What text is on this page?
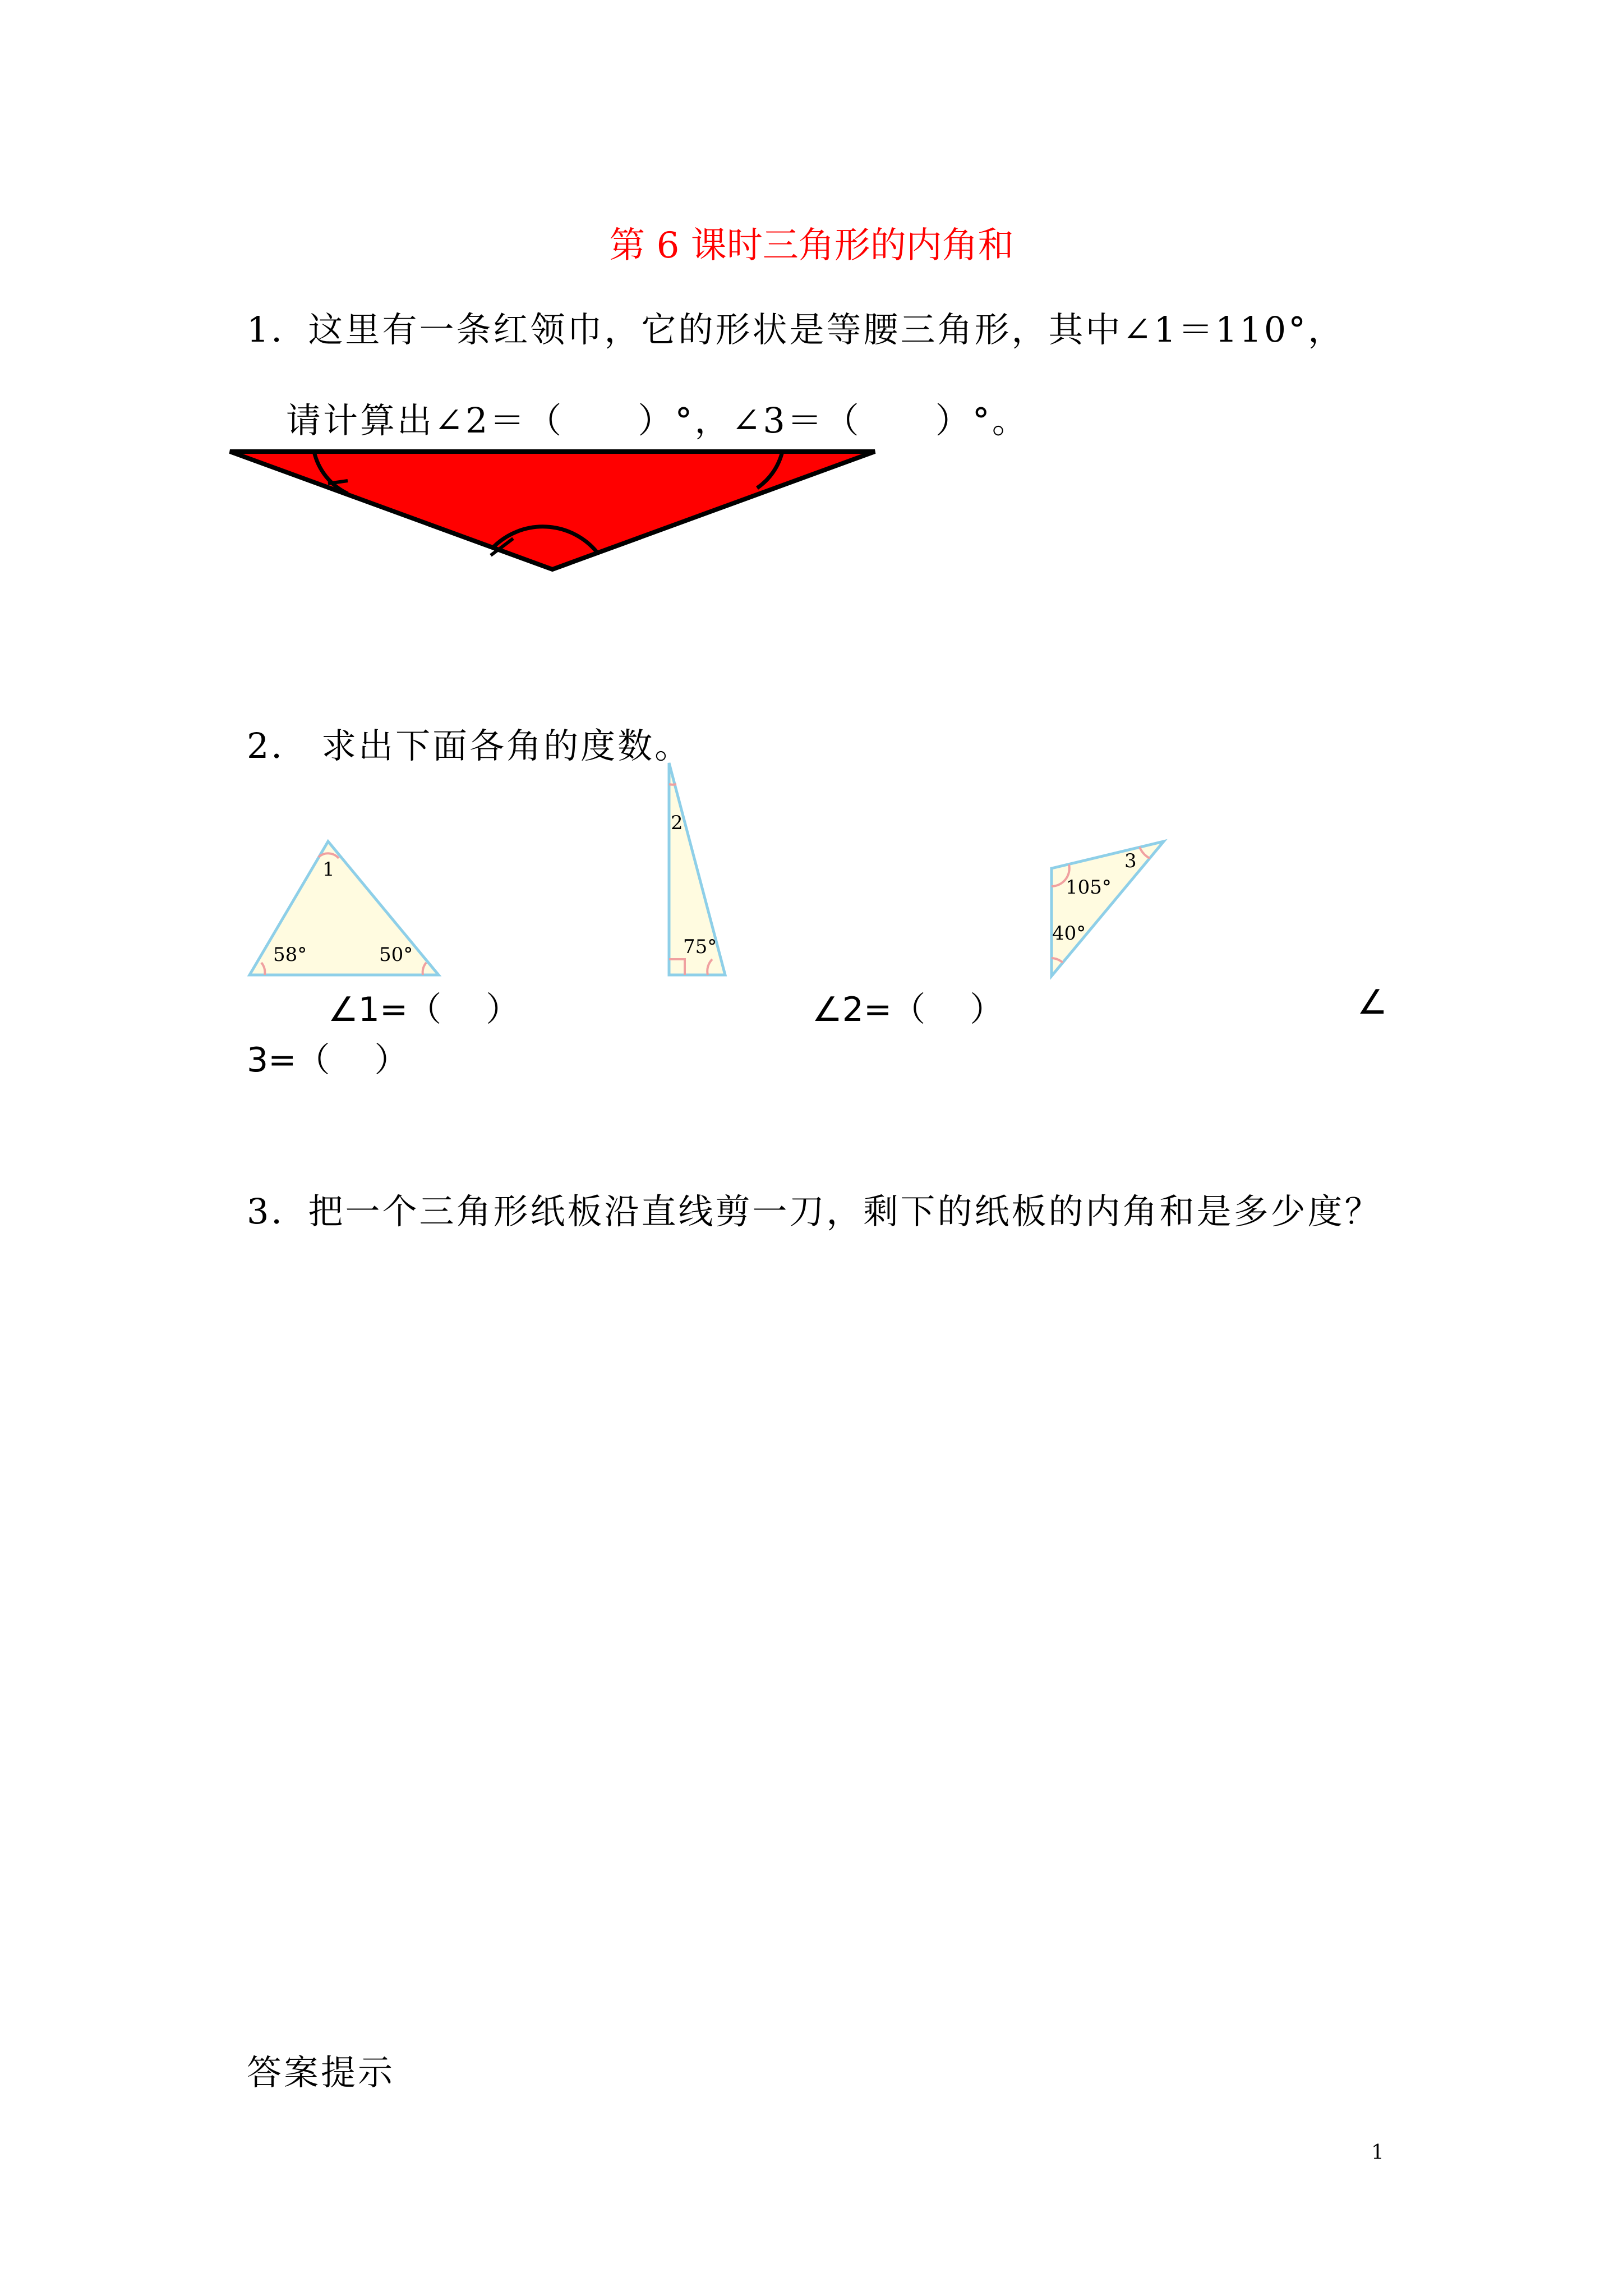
第 6 课时三角形的内角和
1．这里有一条红领巾，它的形状是等腰三角形，其中∠1＝110°，
请计算出∠2＝（　　）°，∠3＝（　　）°。
2． 求出下面各角的度数。
1
58°	50°
2
75°
3
105°
40°
∠1=（　 ）	∠2=（　 ）	∠
3=（　 ）
3．把一个三角形纸板沿直线剪一刀，剩下的纸板的内角和是多少度？
答案提示
1
